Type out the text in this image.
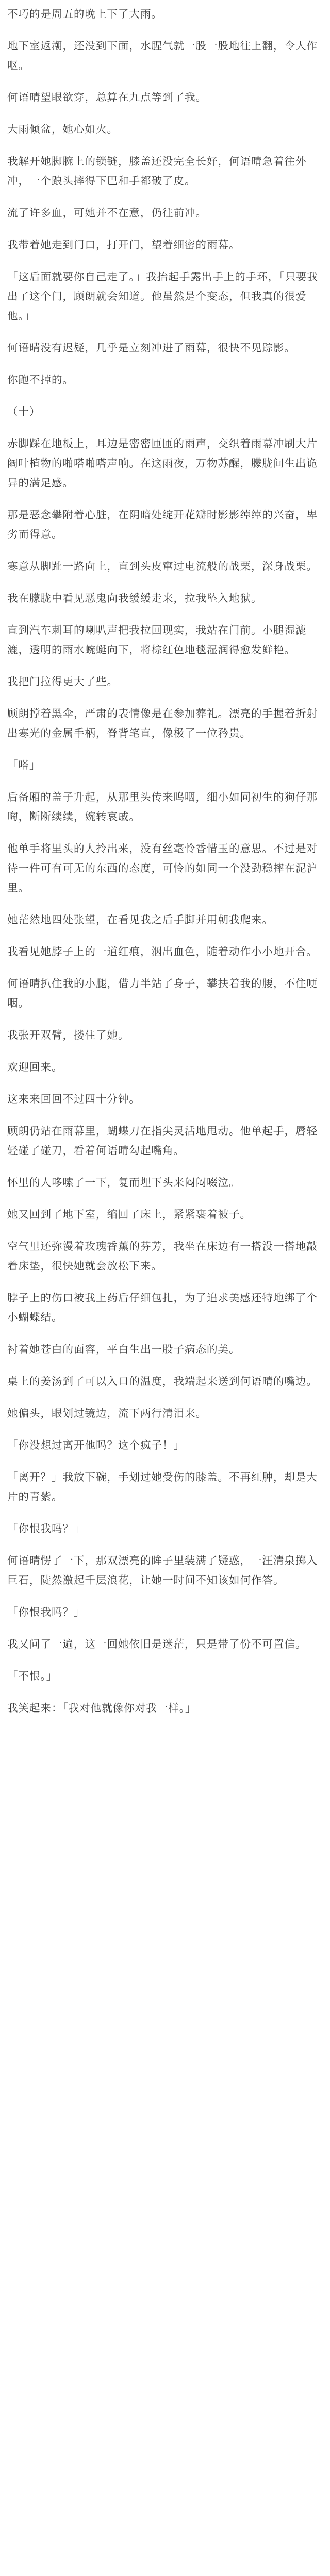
不巧的是周五的晚上下了大雨。

地下室返潮，还没到下面，水腥气就一股一股地往上翻，令人作呕。

何语晴望眼欲穿，总算在九点等到了我。

大雨倾盆，她心如火。

我解开她脚腕上的锁链，膝盖还没完全长好，何语晴急着往外冲，一个踉头摔得下巴和手都破了皮。

流了许多血，可她并不在意，仍往前冲。

我带着她走到门口，打开门，望着细密的雨幕。

「这后面就要你自己走了。」我抬起手露出手上的手环，「只要我出了这个门，顾朗就会知道。他虽然是个变态，但我真的很爱他。」

何语晴没有迟疑，几乎是立刻冲进了雨幕，很快不见踪影。

你跑不掉的。

（十）

赤脚踩在地板上，耳边是密密匝匝的雨声，交织着雨幕冲刷大片阔叶植物的啪嗒啪嗒声响。在这雨夜，万物苏醒，朦胧间生出诡异的满足感。

那是恶念攀附着心脏，在阴暗处绽开花瓣时影影绰绰的兴奋，卑劣而得意。

寒意从脚趾一路向上，直到头皮窜过电流般的战栗，深身战栗。

我在朦胧中看见恶鬼向我缓缓走来，拉我坠入地狱。

直到汽车刺耳的喇叭声把我拉回现实，我站在门前。小腿湿漉漉，透明的雨水蜿蜒向下，将棕红色地毯湿润得愈发鲜艳。

我把门拉得更大了些。

顾朗撑着黑伞，严肃的表情像是在参加葬礼。漂亮的手握着折射出寒光的金属手柄，脊背笔直，像极了一位矜贵。

「嗒」

后备厢的盖子升起，从那里头传来呜咽，细小如同初生的狗仔那啕，断断续续，婉转哀戚。

他单手将里头的人拎出来，没有丝毫怜香惜玉的意思。不过是对待一件可有可无的东西的态度，可怜的如同一个没劲稳摔在泥沪里。

她茫然地四处张望，在看见我之后手脚并用朝我爬来。

我看见她脖子上的一道红痕，洇出血色，随着动作小小地开合。

何语晴扒住我的小腿，借力半站了身子，攀扶着我的腰，不住哽咽。

我张开双臂，搂住了她。

欢迎回来。

这来来回回不过四十分钟。

顾朗仍站在雨幕里，蝴蝶刀在指尖灵活地甩动。他单起手，唇轻轻碰了碰刀，看着何语晴勾起嘴角。

怀里的人哆嗦了一下，复而埋下头来闷闷啜泣。

她又回到了地下室，缩回了床上，紧紧裹着被子。

空气里还弥漫着玫瑰香薰的芬芳，我坐在床边有一搭没一搭地敲着床垫，很快她就会放松下来。

脖子上的伤口被我上药后仔细包扎，为了追求美感还特地绑了个小蝴蝶结。

衬着她苍白的面容，平白生出一股子病态的美。

桌上的姜汤到了可以入口的温度，我端起来送到何语晴的嘴边。

她偏头，眼划过镜边，流下两行清泪来。

「你没想过离开他吗？这个疯子！」

「离开？」我放下碗，手划过她受伤的膝盖。不再红肿，却是大片的青紫。

「你恨我吗？」

何语晴愣了一下，那双漂亮的眸子里装满了疑惑，一汪清泉掷入巨石，陡然激起千层浪花，让她一时间不知该如何作答。

「你恨我吗？」

我又问了一遍，这一回她依旧是迷茫，只是带了份不可置信。

「不恨。」

我笑起来：「我对他就像你对我一样。」
